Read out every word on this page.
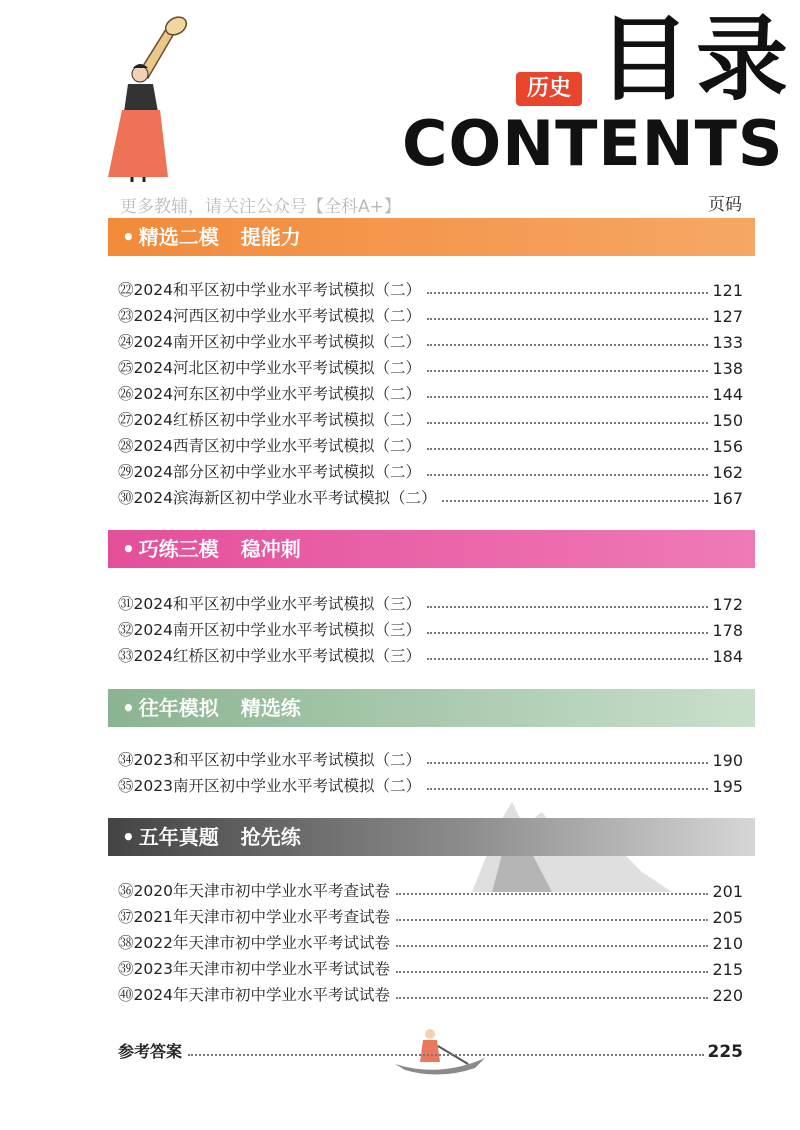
历史 目录
CONTENTS
更多教辅，请关注公众号【全科A+】	页码
• 精选二模 提能力
㉒2024和平区初中学业水平考试模拟（二）	121
㉓2024河西区初中学业水平考试模拟（二）	127
㉔2024南开区初中学业水平考试模拟（二）	133
㉕2024河北区初中学业水平考试模拟（二）	138
㉖2024河东区初中学业水平考试模拟（二）	144
㉗2024红桥区初中学业水平考试模拟（二）	150
㉘2024西青区初中学业水平考试模拟（二）	156
㉙2024部分区初中学业水平考试模拟（二）	162
㉚2024滨海新区初中学业水平考试模拟（二）	167
• 巧练三模 稳冲刺
㉛2024和平区初中学业水平考试模拟（三）	172
㉜2024南开区初中学业水平考试模拟（三）	178
㉝2024红桥区初中学业水平考试模拟（三）	184
• 往年模拟 精选练
㉞2023和平区初中学业水平考试模拟（二）	190
㉟2023南开区初中学业水平考试模拟（二）	195
• 五年真题 抢先练
㊱2020年天津市初中学业水平考查试卷	201
㊲2021年天津市初中学业水平考查试卷	205
㊳2022年天津市初中学业水平考试试卷	210
㊴2023年天津市初中学业水平考试试卷	215
㊵2024年天津市初中学业水平考试试卷	220
参考答案	225
